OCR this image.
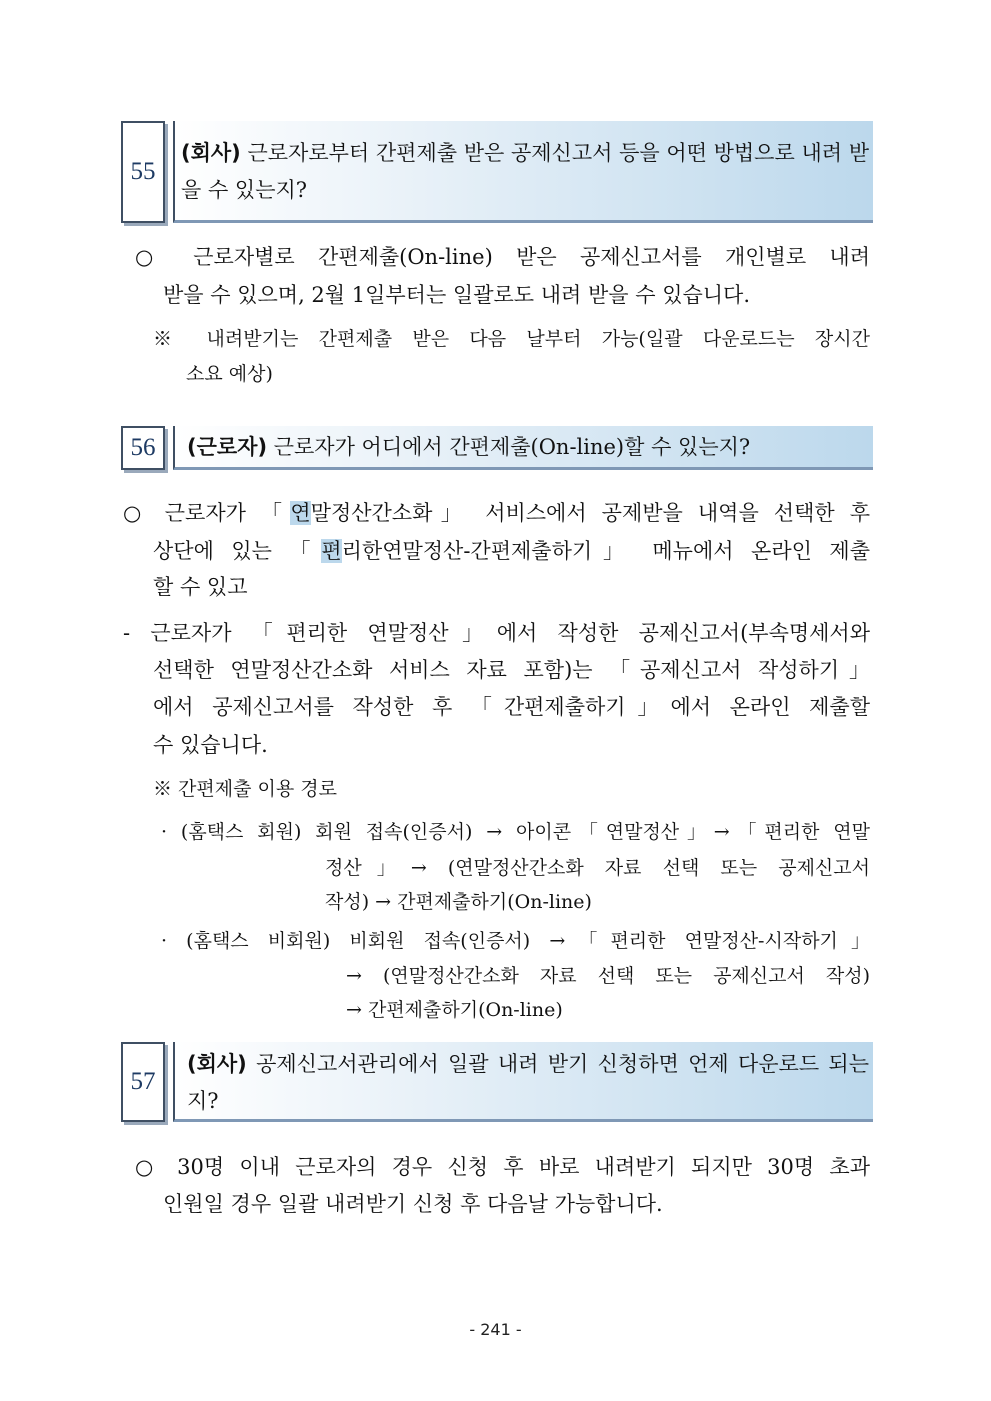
55
(회사) 근로자로부터 간편제출 받은 공제신고서 등을 어떤 방법으로 내려 받을 수 있는지?
○ 근로자별로 간편제출(On-line) 받은 공제신고서를 개인별로 내려
받을 수 있으며, 2월 1일부터는 일괄로도 내려 받을 수 있습니다.
※ 내려받기는 간편제출 받은 다음 날부터 가능(일괄 다운로드는 장시간
소요 예상)
56	(근로자) 근로자가 어디에서 간편제출(On-line)할 수 있는지?
○ 근로자가 「연말정산간소화」 서비스에서 공제받을 내역을 선택한 후
상단에 있는 「편리한연말정산-간편제출하기」 메뉴에서 온라인 제출
할 수 있고
- 근로자가 「편리한 연말정산」에서 작성한 공제신고서(부속명세서와
선택한 연말정산간소화 서비스 자료 포함)는 「공제신고서 작성하기」
에서 공제신고서를 작성한 후 「간편제출하기」에서 온라인 제출할
수 있습니다.
※ 간편제출 이용 경로
· (홈택스 회원) 회원 접속(인증서) → 아이콘「연말정산」→「편리한 연말
정산」→ (연말정산간소화 자료 선택 또는 공제신고서
작성) → 간편제출하기(On-line)
· (홈택스 비회원) 비회원 접속(인증서) →「편리한 연말정산-시작하기」
→ (연말정산간소화 자료 선택 또는 공제신고서 작성)
→ 간편제출하기(On-line)
57
(회사) 공제신고서관리에서 일괄 내려 받기 신청하면 언제 다운로드 되는지?
○ 30명 이내 근로자의 경우 신청 후 바로 내려받기 되지만 30명 초과
인원일 경우 일괄 내려받기 신청 후 다음날 가능합니다.
- 241 -
